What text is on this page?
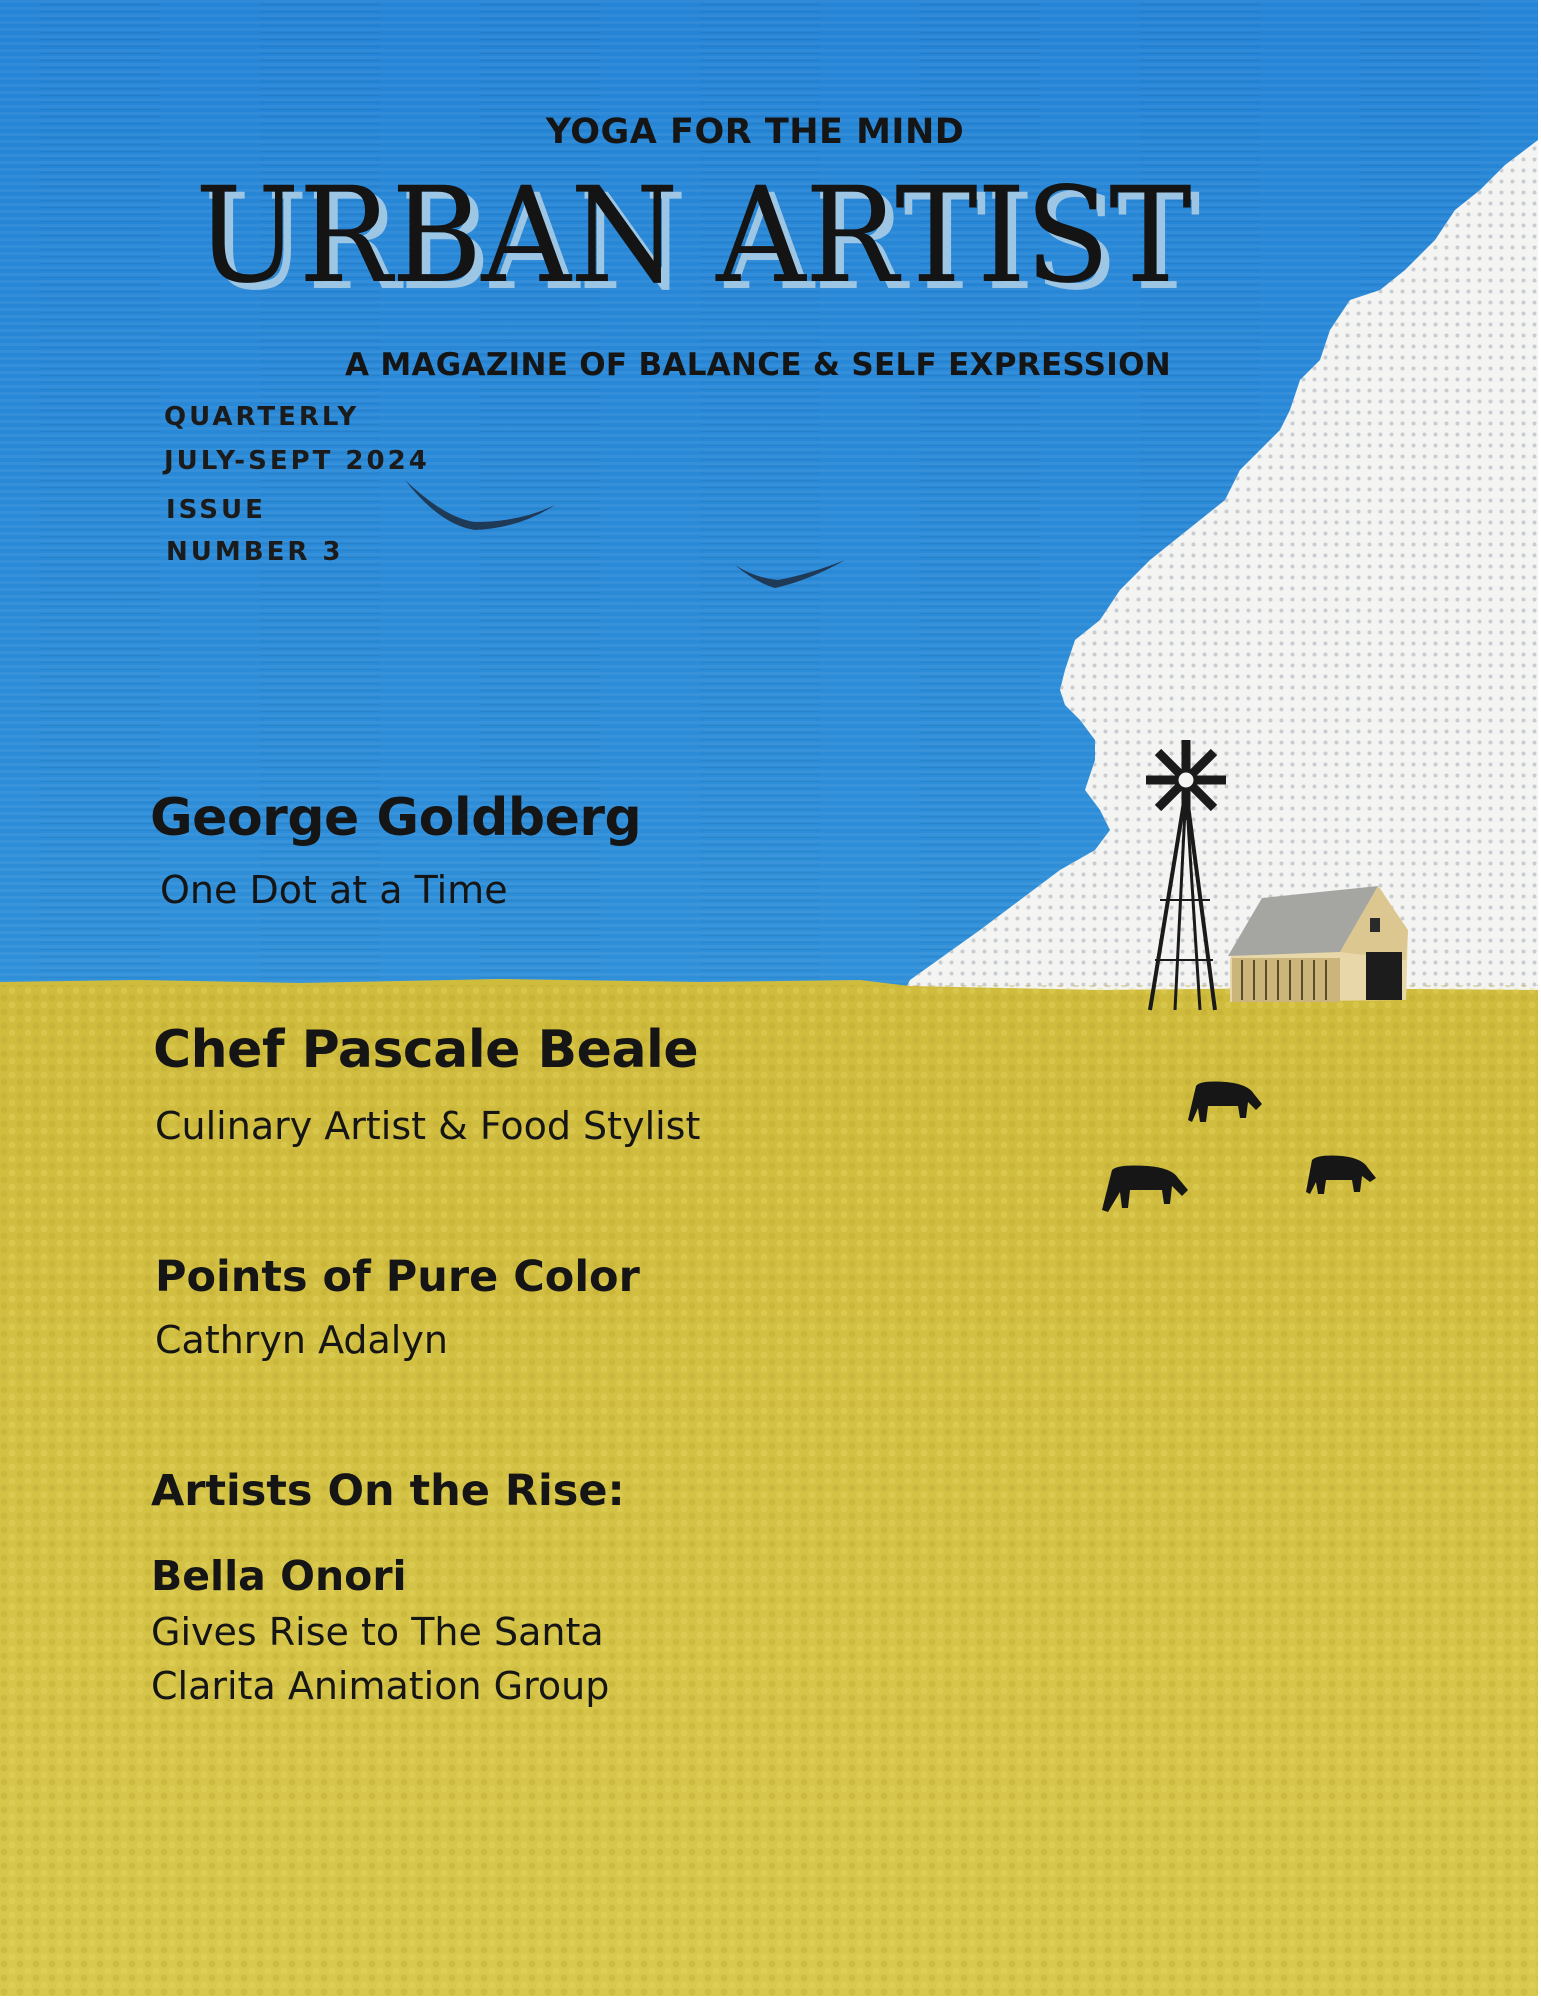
YOGA FOR THE MIND
URBAN ARTIST
A MAGAZINE OF BALANCE & SELF EXPRESSION
QUARTERLY
JULY-SEPT 2024
ISSUE
NUMBER 3
George Goldberg
One Dot at a Time
Chef Pascale Beale
Culinary Artist & Food Stylist
Points of Pure Color
Cathryn Adalyn
Artists On the Rise:
Bella Onori
Gives Rise to The Santa
Clarita Animation Group
